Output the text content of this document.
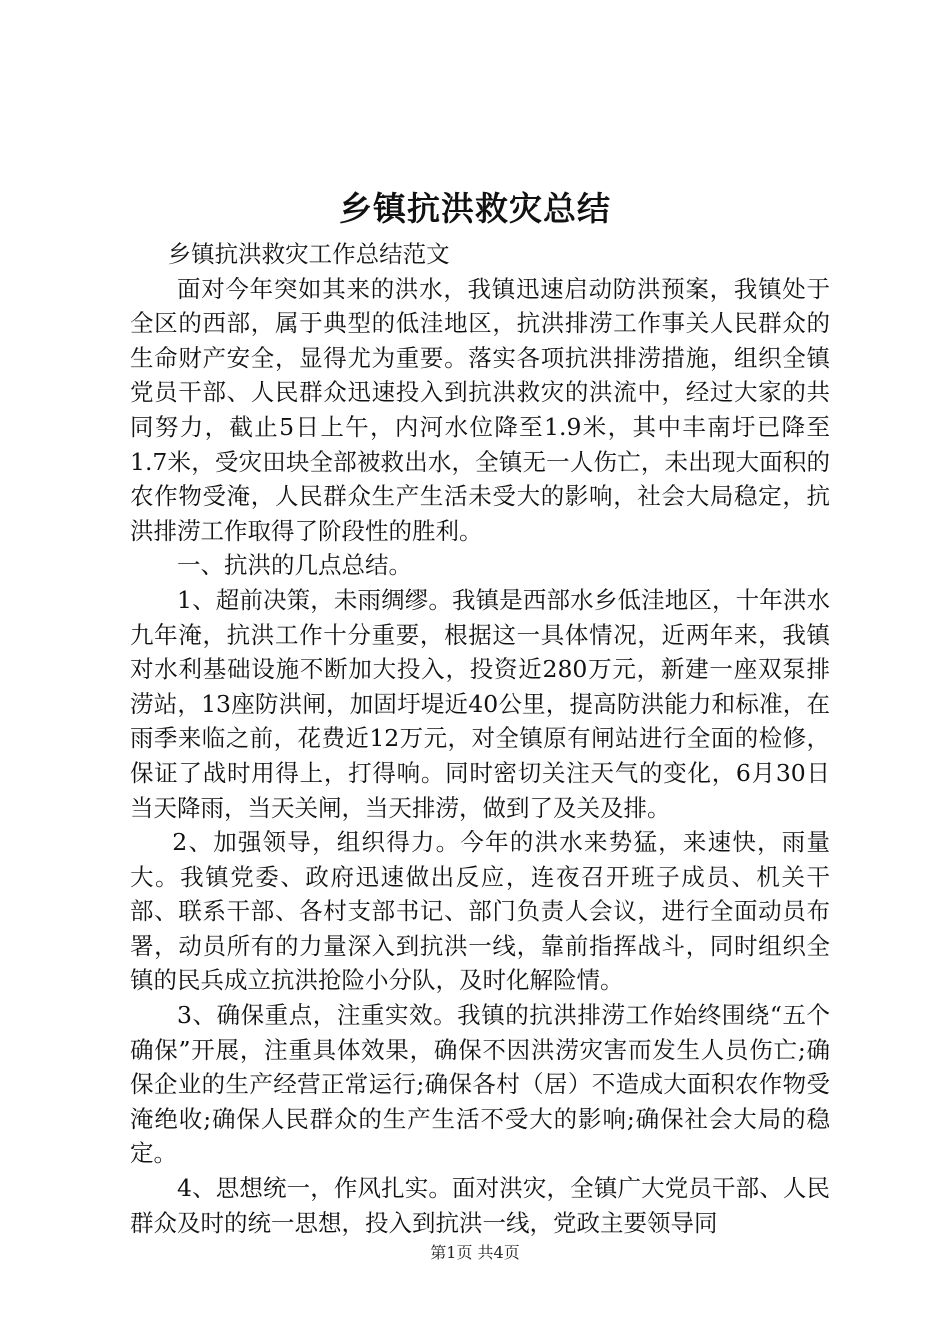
乡镇抗洪救灾总结

乡镇抗洪救灾工作总结范文

面对今年突如其来的洪水，我镇迅速启动防洪预案，我镇处于全区的西部，属于典型的低洼地区，抗洪排涝工作事关人民群众的生命财产安全，显得尤为重要。落实各项抗洪排涝措施，组织全镇党员干部、人民群众迅速投入到抗洪救灾的洪流中，经过大家的共同努力，截止5日上午，内河水位降至1.9米，其中丰南圩已降至1.7米，受灾田块全部被救出水，全镇无一人伤亡，未出现大面积的农作物受淹，人民群众生产生活未受大的影响，社会大局稳定，抗洪排涝工作取得了阶段性的胜利。

一、抗洪的几点总结。

1、超前决策，未雨绸缪。我镇是西部水乡低洼地区，十年洪水九年淹，抗洪工作十分重要，根据这一具体情况，近两年来，我镇对水利基础设施不断加大投入，投资近280万元，新建一座双泵排涝站，13座防洪闸，加固圩堤近40公里，提高防洪能力和标准，在雨季来临之前，花费近12万元，对全镇原有闸站进行全面的检修，保证了战时用得上，打得响。同时密切关注天气的变化，6月30日当天降雨，当天关闸，当天排涝，做到了及关及排。

2、加强领导，组织得力。今年的洪水来势猛，来速快，雨量大。我镇党委、政府迅速做出反应，连夜召开班子成员、机关干部、联系干部、各村支部书记、部门负责人会议，进行全面动员布署，动员所有的力量深入到抗洪一线，靠前指挥战斗，同时组织全镇的民兵成立抗洪抢险小分队，及时化解险情。

3、确保重点，注重实效。我镇的抗洪排涝工作始终围绕“五个确保”开展，注重具体效果，确保不因洪涝灾害而发生人员伤亡;确保企业的生产经营正常运行;确保各村（居）不造成大面积农作物受淹绝收;确保人民群众的生产生活不受大的影响;确保社会大局的稳定。

4、思想统一，作风扎实。面对洪灾，全镇广大党员干部、人民群众及时的统一思想，投入到抗洪一线，党政主要领导同

第1页 共4页
